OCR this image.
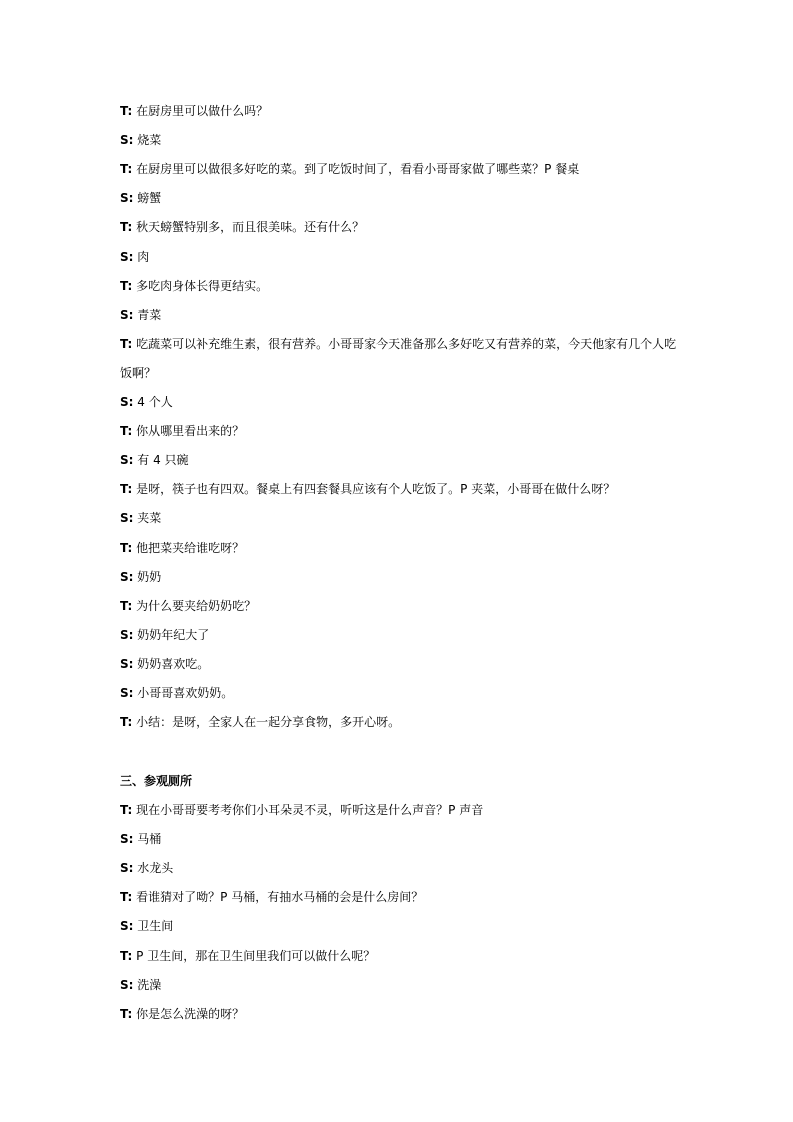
T: 在厨房里可以做什么吗？
S: 烧菜
T: 在厨房里可以做很多好吃的菜。到了吃饭时间了，看看小哥哥家做了哪些菜？P 餐桌
S: 螃蟹
T: 秋天螃蟹特别多，而且很美味。还有什么？
S: 肉
T: 多吃肉身体长得更结实。
S: 青菜
T: 吃蔬菜可以补充维生素，很有营养。小哥哥家今天准备那么多好吃又有营养的菜，今天他家有几个人吃
饭啊？
S: 4 个人
T: 你从哪里看出来的？
S: 有 4 只碗
T: 是呀，筷子也有四双。餐桌上有四套餐具应该有个人吃饭了。P 夹菜，小哥哥在做什么呀？
S: 夹菜
T: 他把菜夹给谁吃呀？
S: 奶奶
T: 为什么要夹给奶奶吃？
S: 奶奶年纪大了
S: 奶奶喜欢吃。
S: 小哥哥喜欢奶奶。
T: 小结：是呀，全家人在一起分享食物，多开心呀。
三、参观厕所
T: 现在小哥哥要考考你们小耳朵灵不灵，听听这是什么声音？P 声音
S: 马桶
S: 水龙头
T: 看谁猜对了呦？P 马桶，有抽水马桶的会是什么房间？
S: 卫生间
T: P 卫生间，那在卫生间里我们可以做什么呢？
S: 洗澡
T: 你是怎么洗澡的呀？
